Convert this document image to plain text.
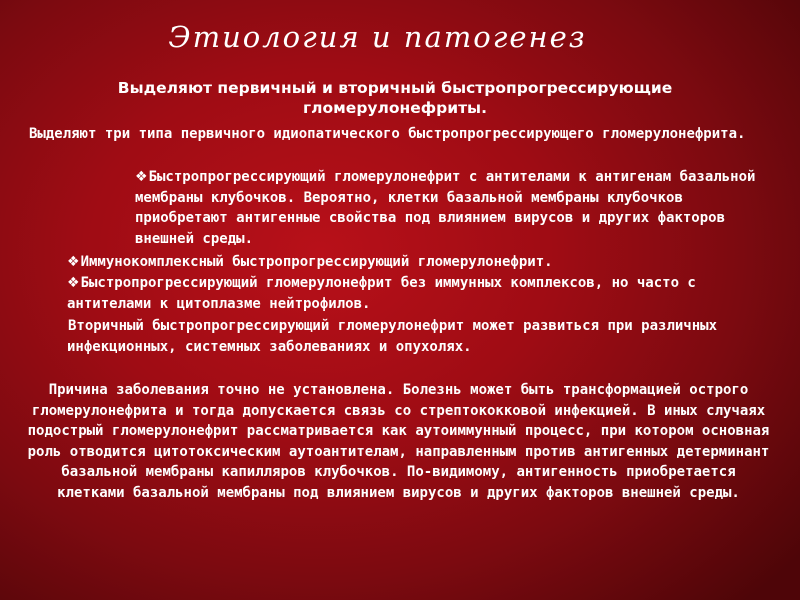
Этиология и патогенез

Выделяют первичный и вторичный быстропрогрессирующие гломерулонефриты.

Выделяют три типа первичного идиопатического быстропрогрессирующего гломерулонефрита.

❖Быстропрогрессирующий гломерулонефрит с антителами к антигенам базальной мембраны клубочков. Вероятно, клетки базальной мембраны клубочков приобретают антигенные свойства под влиянием вирусов и других факторов внешней среды.

❖Иммунокомплексный быстропрогрессирующий гломерулонефрит.

❖Быстропрогрессирующий гломерулонефрит без иммунных комплексов, но часто с антителами к цитоплазме нейтрофилов.

Вторичный быстропрогрессирующий гломерулонефрит может развиться при различных инфекционных, системных заболеваниях и опухолях.

Причина заболевания точно не установлена. Болезнь может быть трансформацией острого гломерулонефрита и тогда допускается связь со стрептококковой инфекцией. В иных случаях подострый гломерулонефрит рассматривается как аутоиммунный процесс, при котором основная роль отводится цитотоксическим аутоантителам, направленным против антигенных детерминант базальной мембраны капилляров клубочков. По-видимому, антигенность приобретается клетками базальной мембраны под влиянием вирусов и других факторов внешней среды.
